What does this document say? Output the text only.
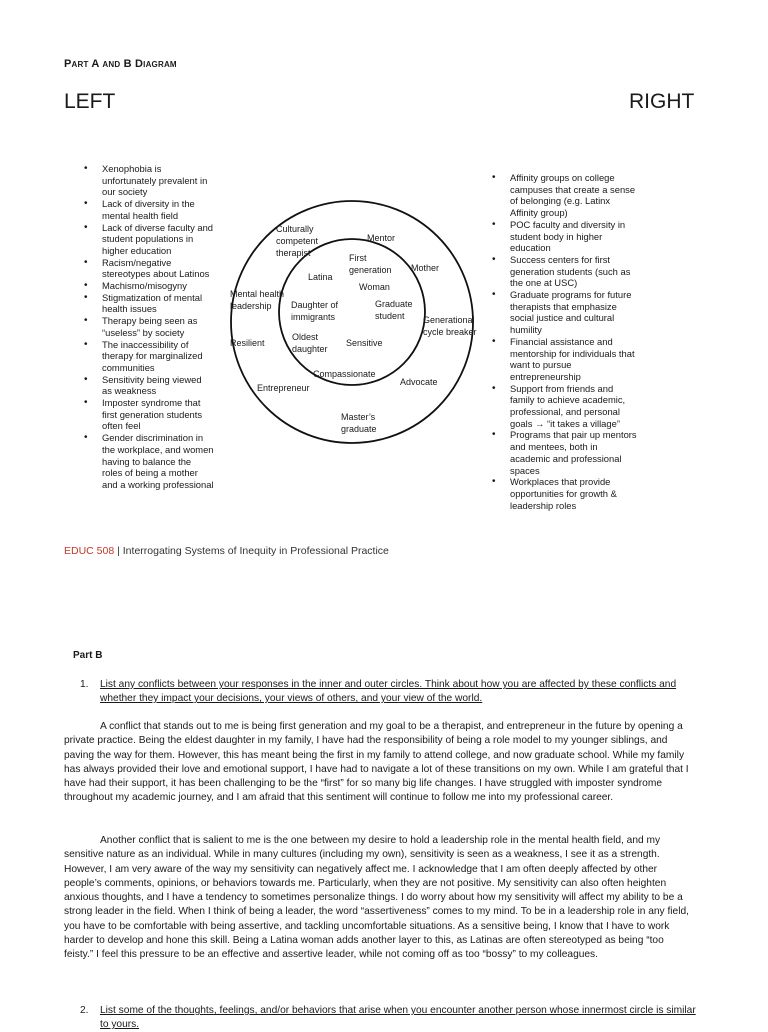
Part A and B Diagram
LEFT	RIGHT
• Xenophobia is unfortunately prevalent in our society
• Lack of diversity in the mental health field
• Lack of diverse faculty and student populations in higher education
• Racism/negative stereotypes about Latinos
• Machismo/misogyny
• Stigmatization of mental health issues
• Therapy being seen as “useless” by society
• The inaccessibility of therapy for marginalized communities
• Sensitivity being viewed as weakness
• Imposter syndrome that first generation students often feel
• Gender discrimination in the workplace, and women having to balance the roles of being a mother and a working professional
Culturally
competent
therapist
Mentor
Mother
Mental health
leadership
Generational
cycle breaker
Resilient
Advocate
Entrepreneur
Master’s
graduate
Latina
First
generation
Woman
Daughter of
immigrants
Graduate
student
Oldest
daughter
Sensitive
Compassionate
• Affinity groups on college campuses that create a sense of belonging (e.g. Latinx Affinity group)
• POC faculty and diversity in student body in higher education
• Success centers for first generation students (such as the one at USC)
• Graduate programs for future therapists that emphasize social justice and cultural humility
• Financial assistance and mentorship for individuals that want to pursue entrepreneurship
• Support from friends and family to achieve academic, professional, and personal goals → “it takes a village”
• Programs that pair up mentors and mentees, both in academic and professional spaces
• Workplaces that provide opportunities for growth & leadership roles
EDUC 508 | Interrogating Systems of Inequity in Professional Practice
Part B
1. List any conflicts between your responses in the inner and outer circles. Think about how you are affected by these conflicts and whether they impact your decisions, your views of others, and your view of the world.

A conflict that stands out to me is being first generation and my goal to be a therapist, and entrepreneur in the future by opening a private practice. Being the eldest daughter in my family, I have had the responsibility of being a role model to my younger siblings, and paving the way for them. However, this has meant being the first in my family to attend college, and now graduate school. While my family has always provided their love and emotional support, I have had to navigate a lot of these transitions on my own. While I am grateful that I have had their support, it has been challenging to be the “first” for so many big life changes. I have struggled with imposter syndrome throughout my academic journey, and I am afraid that this sentiment will continue to follow me into my professional career.

Another conflict that is salient to me is the one between my desire to hold a leadership role in the mental health field, and my sensitive nature as an individual. While in many cultures (including my own), sensitivity is seen as a weakness, I see it as a strength. However, I am very aware of the way my sensitivity can negatively affect me. I acknowledge that I am often deeply affected by other people’s comments, opinions, or behaviors towards me. Particularly, when they are not positive. My sensitivity can also often heighten anxious thoughts, and I have a tendency to sometimes personalize things. I do worry about how my sensitivity will affect my ability to be a strong leader in the field. When I think of being a leader, the word “assertiveness” comes to my mind. To be in a leadership role in any field, you have to be comfortable with being assertive, and tackling uncomfortable situations. As a sensitive being, I know that I have to work harder to develop and hone this skill. Being a Latina woman adds another layer to this, as Latinas are often stereotyped as being “too feisty.” I feel this pressure to be an effective and assertive leader, while not coming off as too “bossy” to my colleagues.

2. List some of the thoughts, feelings, and/or behaviors that arise when you encounter another person whose innermost circle is similar to yours.
